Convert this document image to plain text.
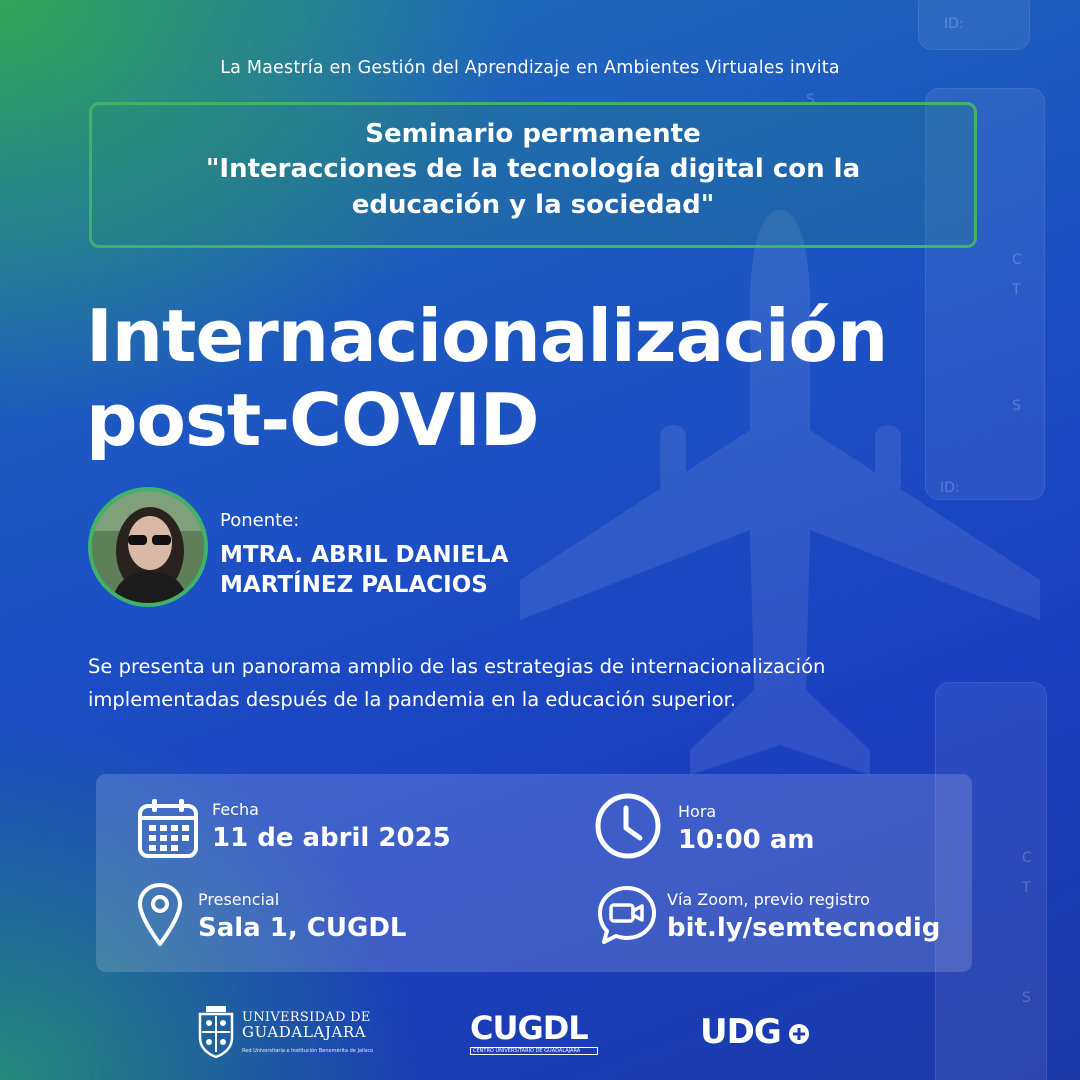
ID:
S
C
T
S
ID:
C
T
S
La Maestría en Gestión del Aprendizaje en Ambientes Virtuales invita
Seminario permanente
"Interacciones de la tecnología digital con la
educación y la sociedad"
Internacionalización
post-COVID
Ponente:
MTRA. ABRIL DANIELA
MARTÍNEZ PALACIOS
Se presenta un panorama amplio de las estrategias de internacionalización
implementadas después de la pandemia en la educación superior.
Fecha
11 de abril 2025
Hora
10:00 am
Presencial
Sala 1, CUGDL
Vía Zoom, previo registro
bit.ly/semtecnodig
UNIVERSIDAD DE
GUADALAJARA
Red Universitaria e Institución Benemérita de Jalisco
CUGDL
CENTRO UNIVERSITARIO DE GUADALAJARA	UDG
